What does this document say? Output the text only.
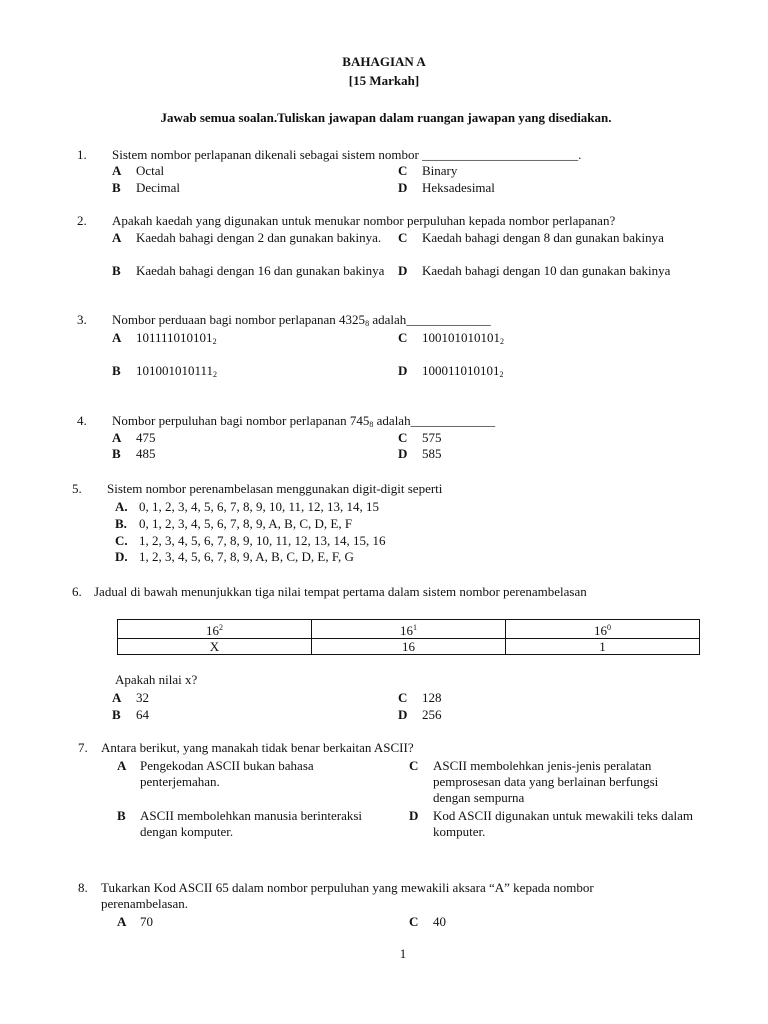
BAHAGIAN A
[15 Markah]
Jawab semua soalan.Tuliskan jawapan dalam ruangan jawapan yang disediakan.
1. Sistem nombor perlapanan dikenali sebagai sistem nombor ________________________.
A Octal
B Decimal
C Binary
D Heksadesimal
2. Apakah kaedah yang digunakan untuk menukar nombor perpuluhan kepada nombor perlapanan?
A Kaedah bahagi dengan 2 dan gunakan bakinya.
B Kaedah bahagi dengan 16 dan gunakan bakinya
C Kaedah bahagi dengan 8 dan gunakan bakinya
D Kaedah bahagi dengan 10 dan gunakan bakinya
3. Nombor perduaan bagi nombor perlapanan $4325_8$ adalah_____________
A $101111010101_2$
B $101001010111_2$
C $100101010101_2$
D $100011010101_2$
4. Nombor perpuluhan bagi nombor perlapanan $745_8$ adalah_____________
A 475
B 485
C 575
D 585
5. Sistem nombor perenambelasan menggunakan digit-digit seperti
A. 0, 1, 2, 3, 4, 5, 6, 7, 8, 9, 10, 11, 12, 13, 14, 15
B. 0, 1, 2, 3, 4, 5, 6, 7, 8, 9, A, B, C, D, E, F
C. 1, 2, 3, 4, 5, 6, 7, 8, 9, 10, 11, 12, 13, 14, 15, 16
D. 1, 2, 3, 4, 5, 6, 7, 8, 9, A, B, C, D, E, F, G
6. Jadual di bawah menunjukkan tiga nilai tempat pertama dalam sistem nombor perenambelasan
$16^2$	$16^1$	$16^0$
X	16	1
Apakah nilai x?
A 32
B 64
C 128
D 256
7. Antara berikut, yang manakah tidak benar berkaitan ASCII?
A Pengekodan ASCII bukan bahasa penterjemahan.
B ASCII membolehkan manusia berinteraksi dengan komputer.
C ASCII membolehkan jenis-jenis peralatan pemprosesan data yang berlainan berfungsi dengan sempurna
D Kod ASCII digunakan untuk mewakili teks dalam komputer.
8. Tukarkan Kod ASCII 65 dalam nombor perpuluhan yang mewakili aksara “A” kepada nombor perenambelasan.
A 70	C 40
1
